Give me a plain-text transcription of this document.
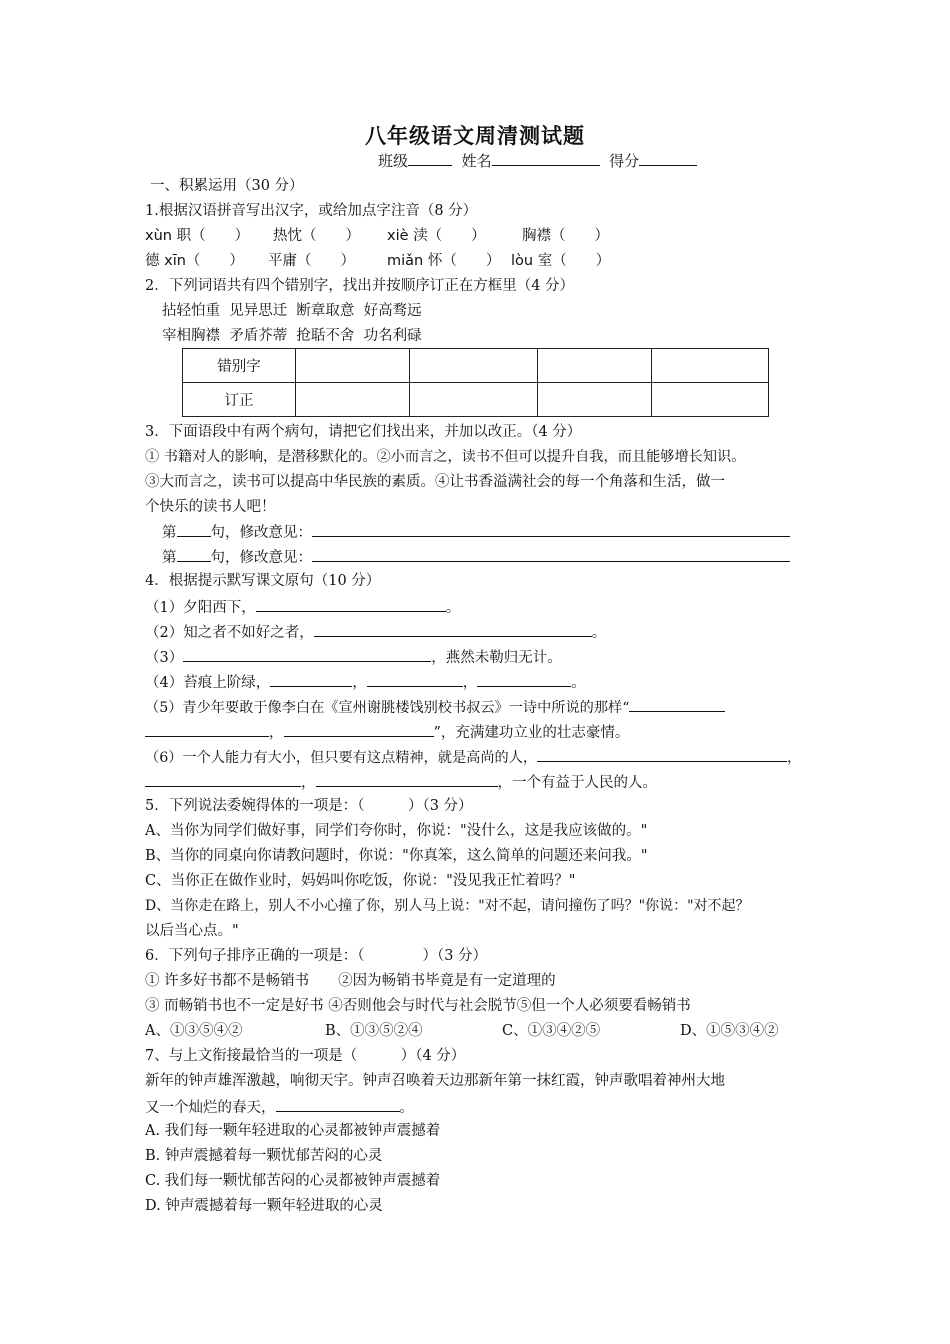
八年级语文周清测试题
班级	姓名	得分
一、积累运用（30 分）
1.根据汉语拼音写出汉字，或给加点字注音（8 分）
xùn 职（　　） 热忱（　　） xiè 渎（　　）	胸襟（　　）
德 xīn（　　） 平庸（　　） miǎn 怀（　　） lòu 室（　　）
2．下列词语共有四个错别字，找出并按顺序订正在方框里（4 分）
拈轻怕重  见异思迁  断章取意  好高骛远
宰相胸襟  矛盾芥蒂  抢聒不舍  功名利碌
错别字				
订正				
3．下面语段中有两个病句，请把它们找出来，并加以改正。（4 分）
① 书籍对人的影响，是潜移默化的。②小而言之，读书不但可以提升自我，而且能够增长知识。
③大而言之，读书可以提高中华民族的素质。④让书香溢满社会的每一个角落和生活，做一
个快乐的读书人吧！
第 句，修改意见：
第 句，修改意见：
4．根据提示默写课文原句（10 分）
（1）夕阳西下，	。
（2）知之者不如好之者，	。
（3）	，燕然未勒归无计。
（4）苔痕上阶绿，	，	，	。
（5）青少年要敢于像李白在《宣州谢朓楼饯别校书叔云》一诗中所说的那样“
，	”，充满建功立业的壮志豪情。
（6）一个人能力有大小，但只要有这点精神，就是高尚的人，	，
，	，一个有益于人民的人。
5．下列说法委婉得体的一项是：（　　　）（3 分）
A、当你为同学们做好事，同学们夸你时，你说："没什么，这是我应该做的。"
B、当你的同桌向你请教问题时，你说："你真笨，这么简单的问题还来问我。"
C、当你正在做作业时，妈妈叫你吃饭，你说："没见我正忙着吗？"
D、当你走在路上，别人不小心撞了你，别人马上说："对不起，请问撞伤了吗？"你说："对不起？
以后当心点。"
6．下列句子排序正确的一项是：（　　　　）（3 分）
① 许多好书都不是畅销书　　②因为畅销书毕竟是有一定道理的
③ 而畅销书也不一定是好书 ④否则他会与时代与社会脱节⑤但一个人必须要看畅销书
A、①③⑤④②	B、①③⑤②④	C、①③④②⑤	D、①⑤③④②
7、与上文衔接最恰当的一项是（　　　）（4 分）
新年的钟声雄浑激越，响彻天宇。钟声召唤着天边那新年第一抹红霞，钟声歌唱着神州大地
又一个灿烂的春天，	。
A. 我们每一颗年轻进取的心灵都被钟声震撼着
B. 钟声震撼着每一颗忧郁苦闷的心灵
C. 我们每一颗忧郁苦闷的心灵都被钟声震撼着
D. 钟声震撼着每一颗年轻进取的心灵
